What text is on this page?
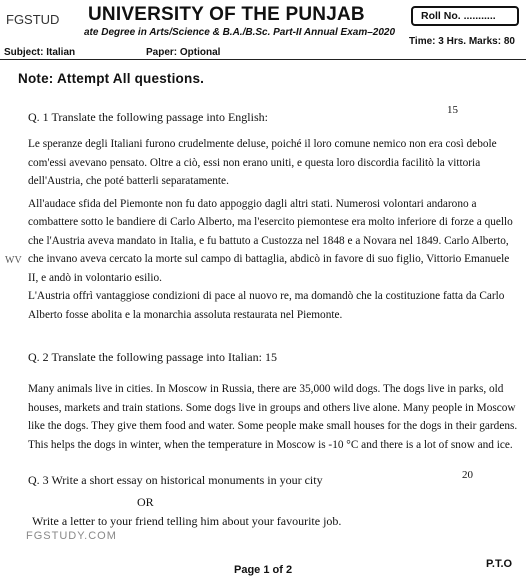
FGSTUD UNIVERSITY OF THE PUNJAB
ate Degree in Arts/Science & B.A./B.Sc. Part-II Annual Exam–2020
Roll No. ...........
Subject: Italian	Paper: Optional
Time: 3 Hrs. Marks: 80
Note: Attempt All questions.
Q. 1 Translate the following passage into English:	15
Le speranze degli Italiani furono crudelmente deluse, poiché il loro comune nemico non era così debole
com'essi avevano pensato. Oltre a ciò, essi non erano uniti, e questa loro discordia facilitò la vittoria
dell'Austria, che poté batterli separatamente.
All'audace sfida del Piemonte non fu dato appoggio dagli altri stati. Numerosi volontari andarono a
combattere sotto le bandiere di Carlo Alberto, ma l'esercito piemontese era molto inferiore di forze a quello
che l'Austria aveva mandato in Italia, e fu battuto a Custozza nel 1848 e a Novara nel 1849. Carlo Alberto,
che invano aveva cercato la morte sul campo di battaglia, abdicò in favore di suo figlio, Vittorio Emanuele
II, e andò in volontario esilio.
L'Austria offrì vantaggiose condizioni di pace al nuovo re, ma domandò che la costituzione fatta da Carlo
Alberto fosse abolita e la monarchia assoluta restaurata nel Piemonte.
WV
Q. 2 Translate the following passage into Italian: 15
Many animals live in cities. In Moscow in Russia, there are 35,000 wild dogs. The dogs live in parks, old
houses, markets and train stations. Some dogs live in groups and others live alone. Many people in Moscow
like the dogs. They give them food and water. Some people make small houses for the dogs in their gardens.
This helps the dogs in winter, when the temperature in Moscow is -10 °C and there is a lot of snow and ice.
Q. 3 Write a short essay on historical monuments in your city	20
OR
Write a letter to your friend telling him about your favourite job.
FGSTUDY.COM
Page 1 of 2	P.T.O
